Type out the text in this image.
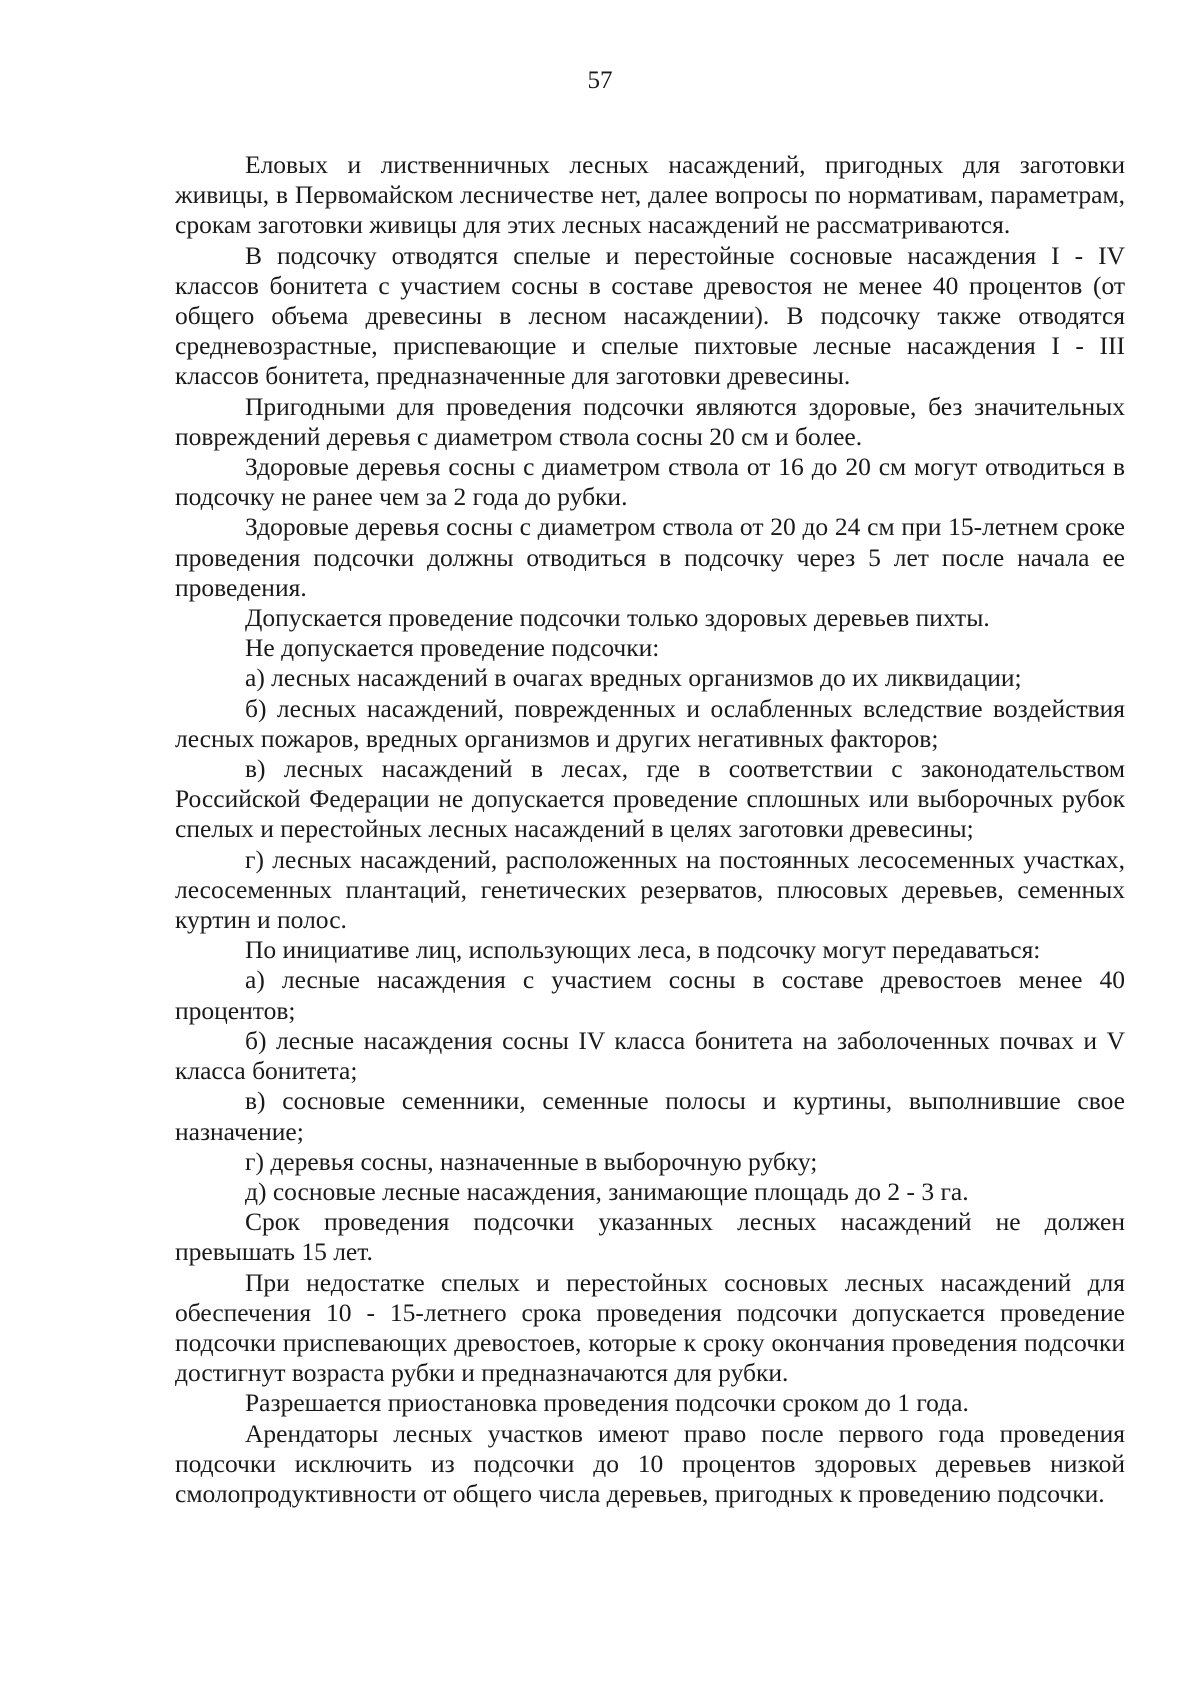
57

Еловых и лиственничных лесных насаждений, пригодных для заготовки живицы, в Первомайском лесничестве нет, далее вопросы по нормативам, параметрам, срокам заготовки живицы для этих лесных насаждений не рассматриваются.

В подсочку отводятся спелые и перестойные сосновые насаждения I - IV классов бонитета с участием сосны в составе древостоя не менее 40 процентов (от общего объема древесины в лесном насаждении). В подсочку также отводятся средневозрастные, приспевающие и спелые пихтовые лесные насаждения I - III классов бонитета, предназначенные для заготовки древесины.

Пригодными для проведения подсочки являются здоровые, без значительных повреждений деревья с диаметром ствола сосны 20 см и более.

Здоровые деревья сосны с диаметром ствола от 16 до 20 см могут отводиться в подсочку не ранее чем за 2 года до рубки.

Здоровые деревья сосны с диаметром ствола от 20 до 24 см при 15-летнем сроке проведения подсочки должны отводиться в подсочку через 5 лет после начала ее проведения.

Допускается проведение подсочки только здоровых деревьев пихты.

Не допускается проведение подсочки:

а) лесных насаждений в очагах вредных организмов до их ликвидации;

б) лесных насаждений, поврежденных и ослабленных вследствие воздействия лесных пожаров, вредных организмов и других негативных факторов;

в) лесных насаждений в лесах, где в соответствии с законодательством Российской Федерации не допускается проведение сплошных или выборочных рубок спелых и перестойных лесных насаждений в целях заготовки древесины;

г) лесных насаждений, расположенных на постоянных лесосеменных участках, лесосеменных плантаций, генетических резерватов, плюсовых деревьев, семенных куртин и полос.

По инициативе лиц, использующих леса, в подсочку могут передаваться:

а) лесные насаждения с участием сосны в составе древостоев менее 40 процентов;

б) лесные насаждения сосны IV класса бонитета на заболоченных почвах и V класса бонитета;

в) сосновые семенники, семенные полосы и куртины, выполнившие свое назначение;

г) деревья сосны, назначенные в выборочную рубку;

д) сосновые лесные насаждения, занимающие площадь до 2 - 3 га.

Срок проведения подсочки указанных лесных насаждений не должен превышать 15 лет.

При недостатке спелых и перестойных сосновых лесных насаждений для обеспечения 10 - 15-летнего срока проведения подсочки допускается проведение подсочки приспевающих древостоев, которые к сроку окончания проведения подсочки достигнут возраста рубки и предназначаются для рубки.

Разрешается приостановка проведения подсочки сроком до 1 года.

Арендаторы лесных участков имеют право после первого года проведения подсочки исключить из подсочки до 10 процентов здоровых деревьев низкой смолопродуктивности от общего числа деревьев, пригодных к проведению подсочки.
